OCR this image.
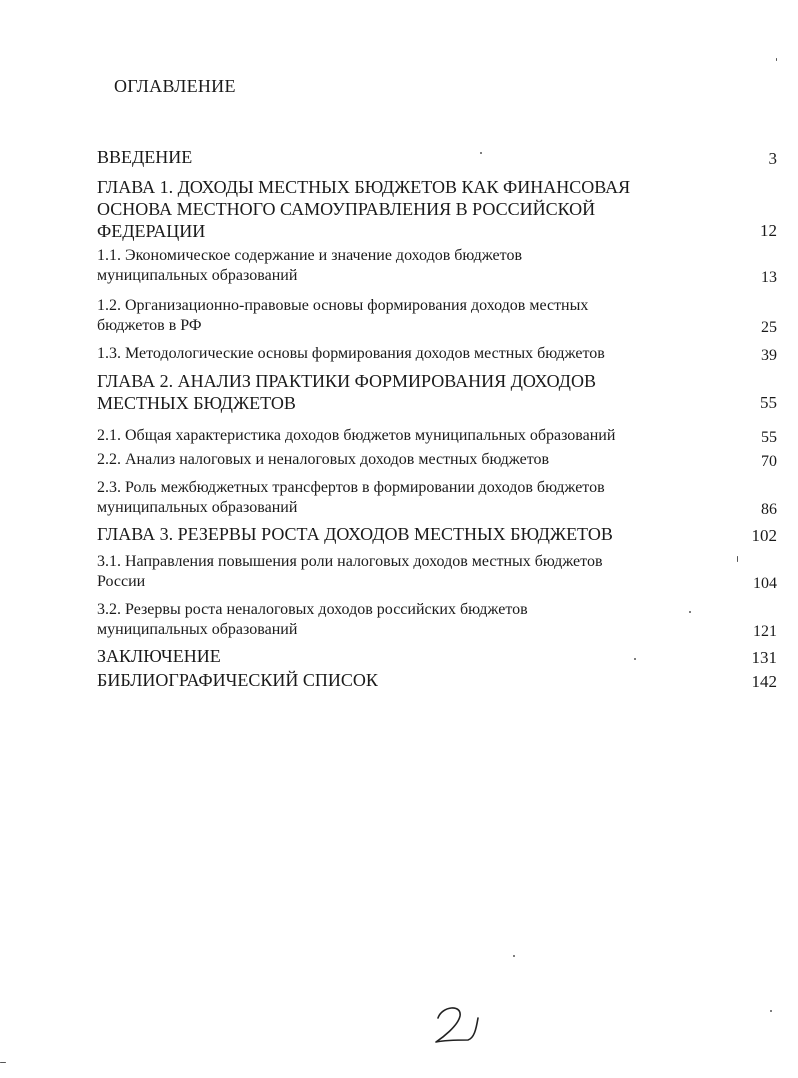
ОГЛАВЛЕНИЕ
ВВЕДЕНИЕ	3
ГЛАВА 1. ДОХОДЫ МЕСТНЫХ БЮДЖЕТОВ КАК ФИНАНСОВАЯ
ОСНОВА МЕСТНОГО САМОУПРАВЛЕНИЯ В РОССИЙСКОЙ
ФЕДЕРАЦИИ	12
1.1. Экономическое содержание и значение доходов бюджетов
муниципальных образований	13
1.2. Организационно-правовые основы формирования доходов местных
бюджетов в РФ	25
1.3. Методологические основы формирования доходов местных бюджетов	39
ГЛАВА 2. АНАЛИЗ ПРАКТИКИ ФОРМИРОВАНИЯ ДОХОДОВ
МЕСТНЫХ БЮДЖЕТОВ	55
2.1. Общая характеристика доходов бюджетов муниципальных образований	55
2.2. Анализ налоговых и неналоговых доходов местных бюджетов	70
2.3. Роль межбюджетных трансфертов в формировании доходов бюджетов
муниципальных образований	86
ГЛАВА 3. РЕЗЕРВЫ РОСТА ДОХОДОВ МЕСТНЫХ БЮДЖЕТОВ	102
3.1. Направления повышения роли налоговых доходов местных бюджетов
России	104
3.2. Резервы роста неналоговых доходов российских бюджетов
муниципальных образований	121
ЗАКЛЮЧЕНИЕ	131
БИБЛИОГРАФИЧЕСКИЙ СПИСОК	142
